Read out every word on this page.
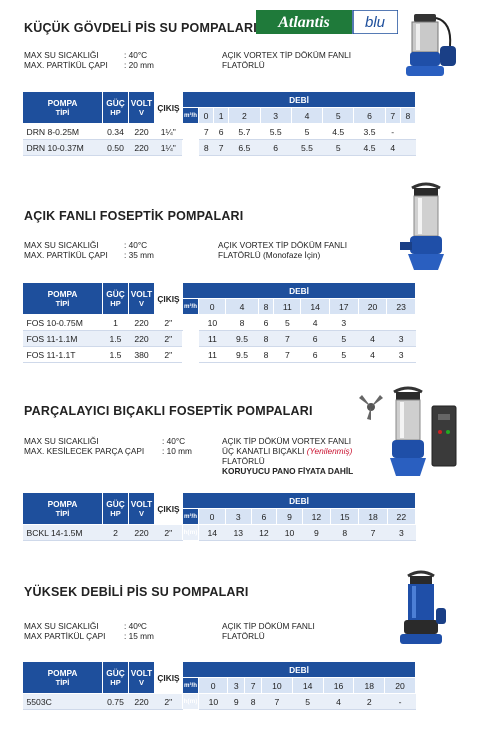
Atlantis blu
KÜÇÜK GÖVDELİ PİS SU POMPALARI
MAX SU SICAKLIĞI	: 40°C
MAX. PARTİKÜL ÇAPI	: 20 mm
AÇIK VORTEX TİP DÖKÜM FANLI
FLATÖRLÜ
POMPA
TİPİ	GÜÇ
HP	VOLT
V	ÇIKIŞ	DEBİ									
				m³/h	0	1	2	3	4	5	6	7	8
DRN 8-0.25M	0.34	220	1¼"	h(m)	7	6	5.7	5.5	5	4.5	3.5	-	
DRN 10-0.37M	0.50	220	1¼"		8	7	6.5	6	5.5	5	4.5	4	
AÇIK FANLI FOSEPTİK POMPALARI
MAX SU SICAKLIĞI	: 40°C
MAX. PARTİKÜL ÇAPI	: 35 mm
AÇIK VORTEX TİP DÖKÜM FANLI
FLATÖRLÜ (Monofaze İçin)
POMPA
TİPİ	GÜÇ
HP	VOLT
V	ÇIKIŞ	DEBİ								
				m³/h	0	4	8	11	14	17	20	23
FOS 10-0.75M	1	220	2"	h(m)	10	8	6	5	4	3		
FOS 11-1.1M	1.5	220	2"		11	9.5	8	7	6	5	4	3
FOS 11-1.1T	1.5	380	2"		11	9.5	8	7	6	5	4	3
PARÇALAYICI BIÇAKLI FOSEPTİK POMPALARI
MAX SU SICAKLIĞI	: 40°C
MAX. KESİLECEK PARÇA ÇAPI	: 10 mm
AÇIK TİP DÖKÜM VORTEX FANLI
ÜÇ KANATLI BIÇAKLI (Yenilenmiş)
FLATÖRLÜ
KORUYUCU PANO FİYATA DAHİL
POMPA
TİPİ	GÜÇ
HP	VOLT
V	ÇIKIŞ	DEBİ								
				m³/h	0	3	6	9	12	15	18	22
BCKL 14-1.5M	2	220	2"	h(m)	14	13	12	10	9	8	7	3
YÜKSEK DEBİLİ PİS SU POMPALARI
MAX SU SICAKLIĞI	: 40ºC
MAX PARTİKÜL ÇAPI	: 15 mm
AÇIK TİP DÖKÜM FANLI
FLATÖRLÜ
POMPA
TİPİ	GÜÇ
HP	VOLT
V	ÇIKIŞ	DEBİ								
				m³/h	0	3	7	10	14	16	18	20
5503C	0.75	220	2"	h(m)	10	9	8	7	5	4	2	-
